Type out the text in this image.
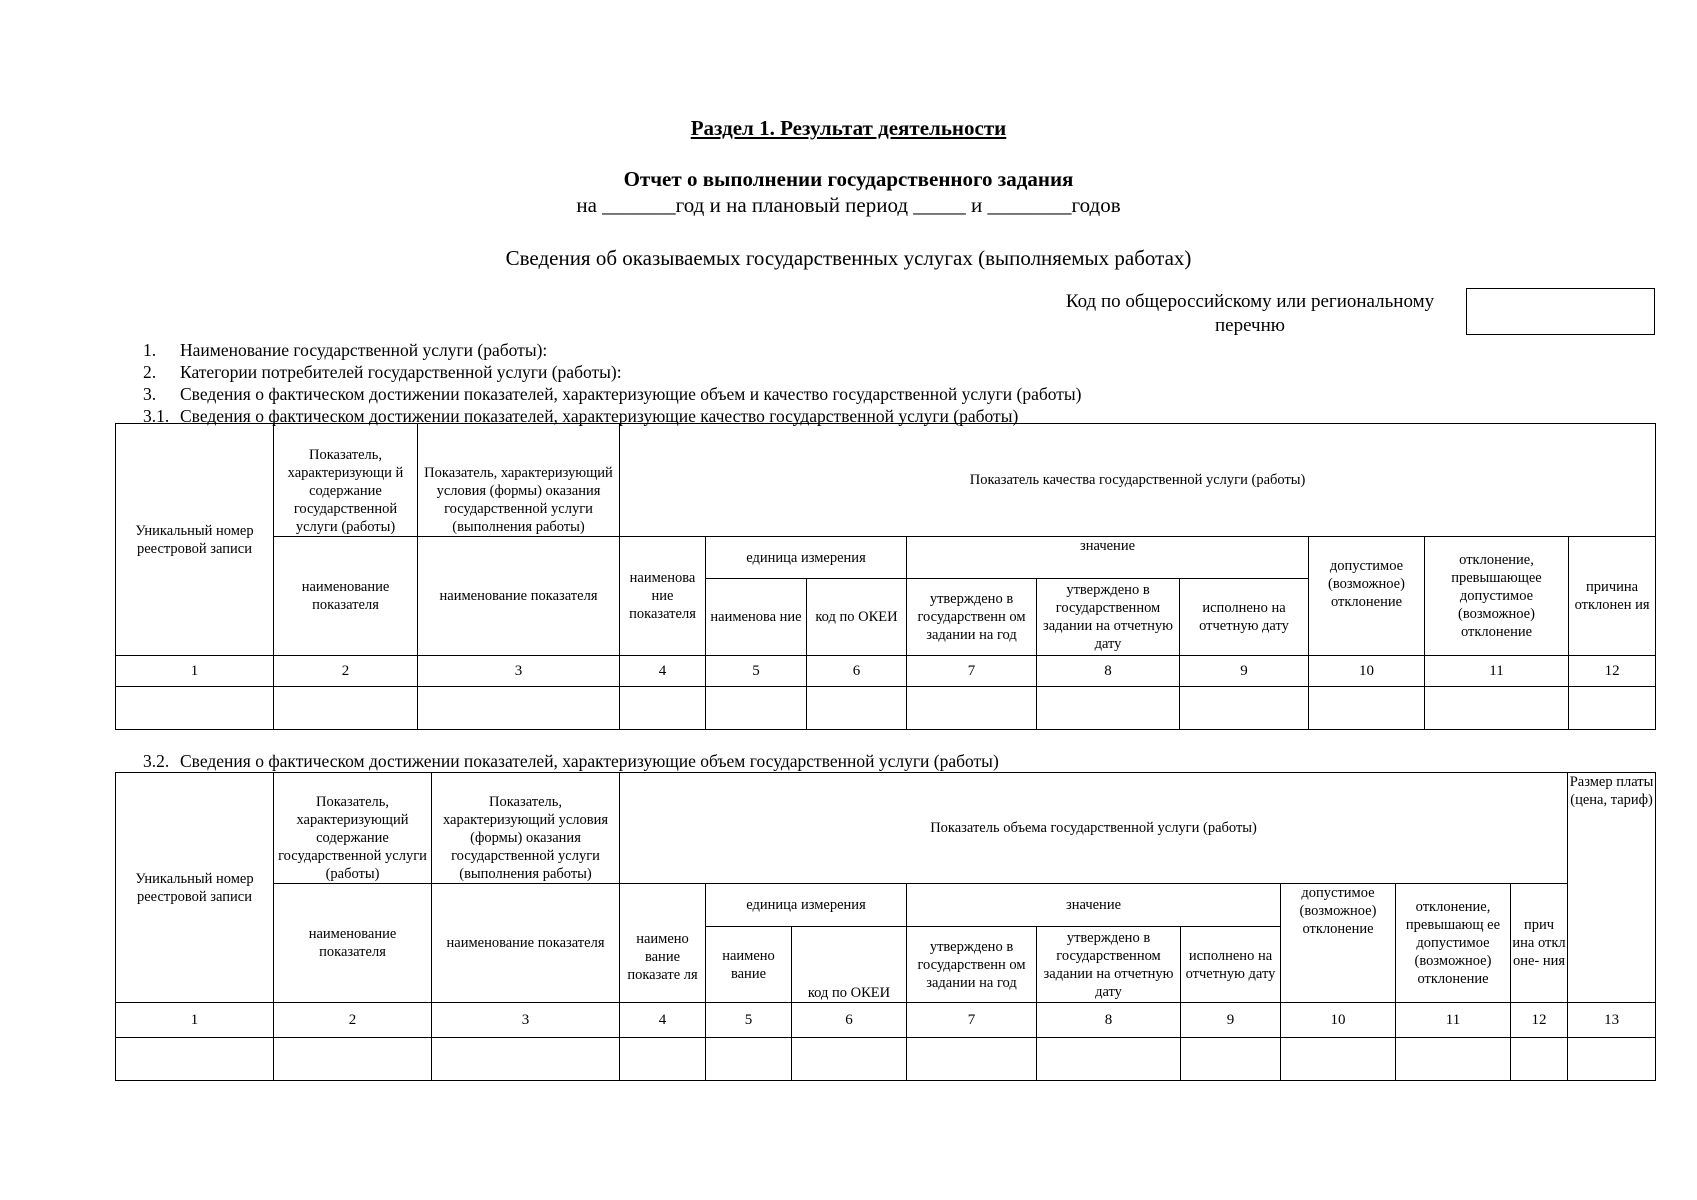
Раздел 1. Результат деятельности
Отчет о выполнении государственного задания
на _______год и на плановый период _____ и ________годов
Сведения об оказываемых государственных услугах (выполняемых работах)
Код по общероссийскому или региональному
перечню
1.	Наименование государственной услуги (работы):
2.	Категории потребителей государственной услуги (работы):
3.	Сведения о фактическом достижении показателей, характеризующие объем и качество государственной услуги (работы)
3.1. Сведения о фактическом достижении показателей, характеризующие качество государственной услуги (работы)
Уникальный номер реестровой записи	Показатель, характеризующи й содержание государственной услуги (работы)	Показатель, характеризующий условия (формы) оказания государственной услуги (выполнения работы)	Показатель качества государственной услуги (работы)								
	наименование показателя	наименование показателя	наименова ние показателя	единица измерения		значение			допустимое (возможное) отклонение	отклонение, превышающее допустимое (возможное) отклонение	причина отклонен ия
				наименова ние	код по ОКЕИ	утверждено в государственн ом задании на год	утверждено в государственном задании на отчетную дату	исполнено на отчетную дату			
1	2	3	4	5	6	7	8	9	10	11	12

3.2. Сведения о фактическом достижении показателей, характеризующие объем государственной услуги (работы)
Уникальный номер реестровой записи	Показатель, характеризующий содержание государственной услуги (работы)	Показатель, характеризующий условия (формы) оказания государственной услуги (выполнения работы)	Показатель объема государственной услуги (работы)									Размер платы (цена, тариф)
	наименование показателя	наименование показателя	наимено вание показате ля	единица измерения		значение			допустимое (возможное) отклонение	отклонение, превышающ ее допустимое (возможное) отклонение	прич ина откл оне- ния	
				наимено вание	код по ОКЕИ	утверждено в государственн ом задании на год	утверждено в государственном задании на отчетную дату	исполнено на отчетную дату				
1	2	3	4	5	6	7	8	9	10	11	12	13
